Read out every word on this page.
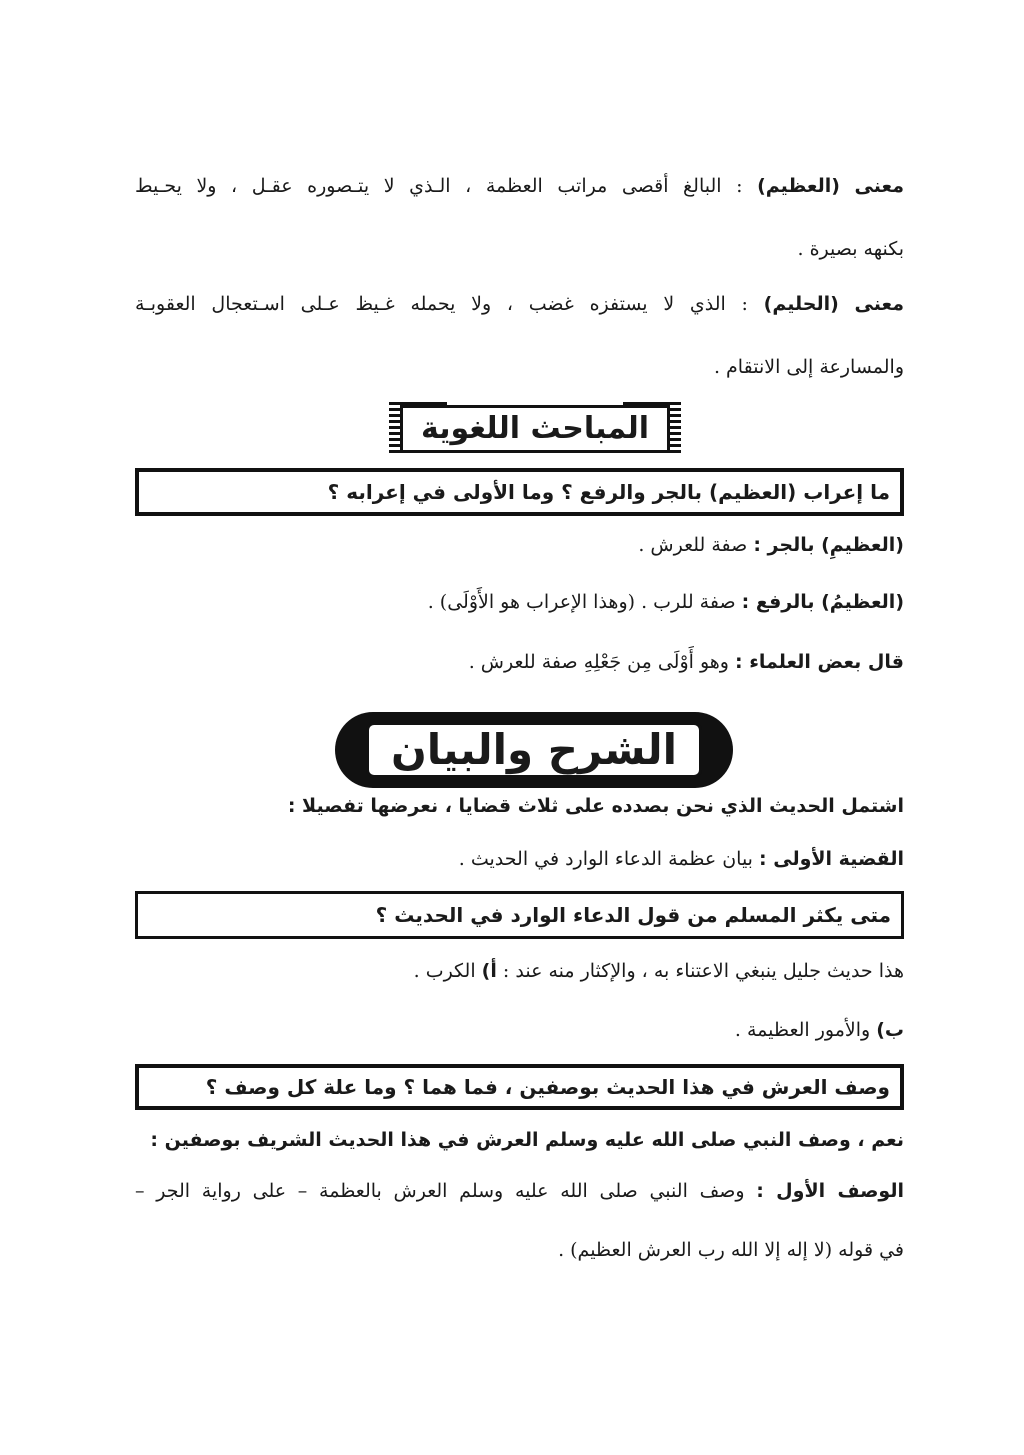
معنى (العظيم) : البالغ أقصى مراتب العظمة ، الـذي لا يتـصوره عقـل ، ولا يحـيط
بكنهه بصيرة .
معنى (الحليم) : الذي لا يستفزه غضب ، ولا يحمله غـيظ عـلى اسـتعجال العقوبـة
والمسارعة إلى الانتقام .
المباحث اللغوية
ما إعراب (العظيم) بالجر والرفع ؟ وما الأولى في إعرابه ؟
(العظيمِ) بالجر : صفة للعرش .
(العظيمُ) بالرفع : صفة للرب . (وهذا الإعراب هو الأَوْلَى) .
قال بعض العلماء : وهو أَوْلَى مِن جَعْلِهِ صفة للعرش .
الشرح والبيان
اشتمل الحديث الذي نحن بصدده على ثلاث قضايا ، نعرضها تفصيلا :
القضية الأولى : بيان عظمة الدعاء الوارد في الحديث .
متى يكثر المسلم من قول الدعاء الوارد في الحديث ؟
هذا حديث جليل ينبغي الاعتناء به ، والإكثار منه عند : أ) الكرب .
ب) والأمور العظيمة .
وصف العرش في هذا الحديث بوصفين ، فما هما ؟ وما علة كل وصف ؟
نعم ، وصف النبي صلى الله عليه وسلم العرش في هذا الحديث الشريف بوصفين :
الوصف الأول : وصف النبي صلى الله عليه وسلم العرش بالعظمة – على رواية الجر –
في قوله (لا إله إلا الله رب العرش العظيم) .
